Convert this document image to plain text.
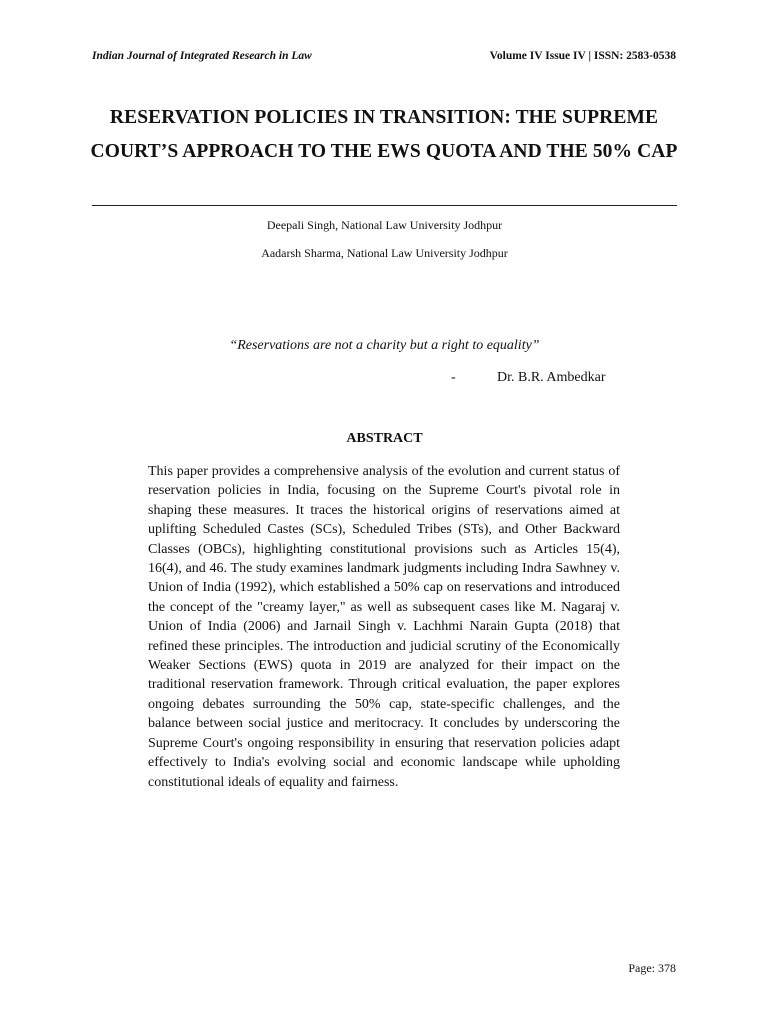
Indian Journal of Integrated Research in Law	Volume IV Issue IV | ISSN: 2583-0538
RESERVATION POLICIES IN TRANSITION: THE SUPREME COURT’S APPROACH TO THE EWS QUOTA AND THE 50% CAP
Deepali Singh, National Law University Jodhpur
Aadarsh Sharma, National Law University Jodhpur
“Reservations are not a charity but a right to equality”
-	Dr. B.R. Ambedkar
ABSTRACT

This paper provides a comprehensive analysis of the evolution and current status of reservation policies in India, focusing on the Supreme Court's pivotal role in shaping these measures. It traces the historical origins of reservations aimed at uplifting Scheduled Castes (SCs), Scheduled Tribes (STs), and Other Backward Classes (OBCs), highlighting constitutional provisions such as Articles 15(4), 16(4), and 46. The study examines landmark judgments including Indra Sawhney v. Union of India (1992), which established a 50% cap on reservations and introduced the concept of the "creamy layer," as well as subsequent cases like M. Nagaraj v. Union of India (2006) and Jarnail Singh v. Lachhmi Narain Gupta (2018) that refined these principles. The introduction and judicial scrutiny of the Economically Weaker Sections (EWS) quota in 2019 are analyzed for their impact on the traditional reservation framework. Through critical evaluation, the paper explores ongoing debates surrounding the 50% cap, state-specific challenges, and the balance between social justice and meritocracy. It concludes by underscoring the Supreme Court's ongoing responsibility in ensuring that reservation policies adapt effectively to India's evolving social and economic landscape while upholding constitutional ideals of equality and fairness.

Page: 378
